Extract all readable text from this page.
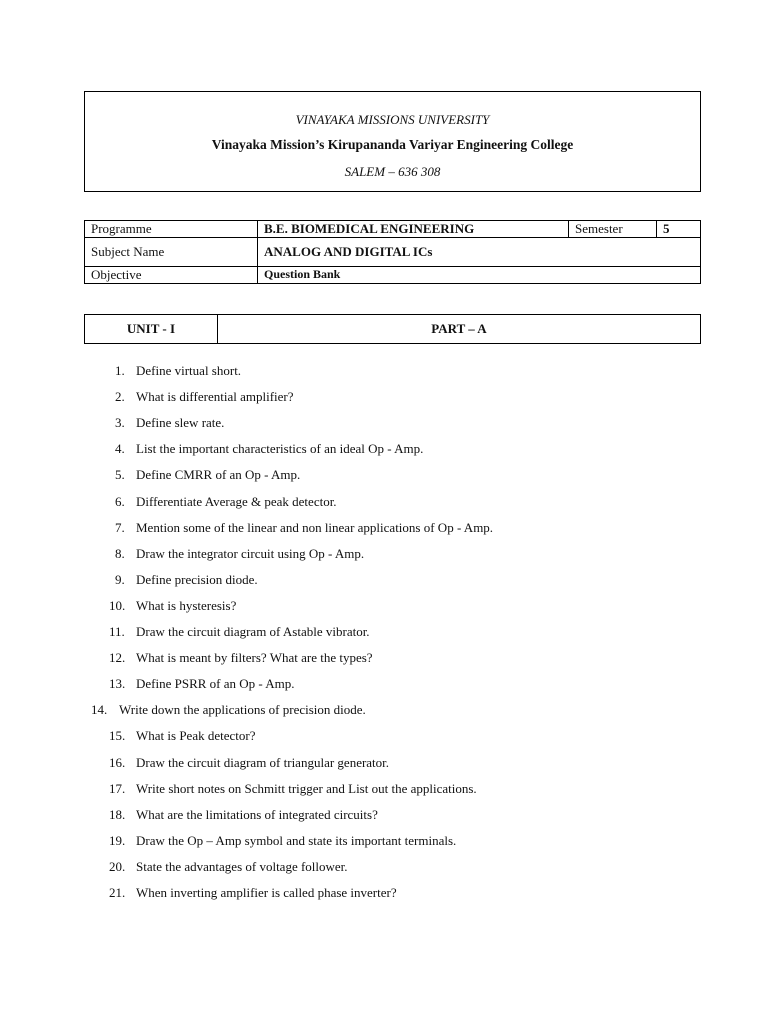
VINAYAKA MISSIONS UNIVERSITY
Vinayaka Mission’s Kirupananda Variyar Engineering College
SALEM – 636 308
Programme	B.E. BIOMEDICAL ENGINEERING	Semester	5
Subject Name	ANALOG AND DIGITAL ICs		
Objective	Question Bank		
UNIT - I	PART – A
1. Define virtual short.
2. What is differential amplifier?
3. Define slew rate.
4. List the important characteristics of an ideal Op - Amp.
5. Define CMRR of an Op - Amp.
6. Differentiate Average & peak detector.
7. Mention some of the linear and non linear applications of Op - Amp.
8. Draw the integrator circuit using Op - Amp.
9. Define precision diode.
10. What is hysteresis?
11. Draw the circuit diagram of Astable vibrator.
12. What is meant by filters? What are the types?
13. Define PSRR of an Op - Amp.
14. Write down the applications of precision diode.
15. What is Peak detector?
16. Draw the circuit diagram of triangular generator.
17. Write short notes on Schmitt trigger and List out the applications.
18. What are the limitations of integrated circuits?
19. Draw the Op – Amp symbol and state its important terminals.
20. State the advantages of voltage follower.
21. When inverting amplifier is called phase inverter?
